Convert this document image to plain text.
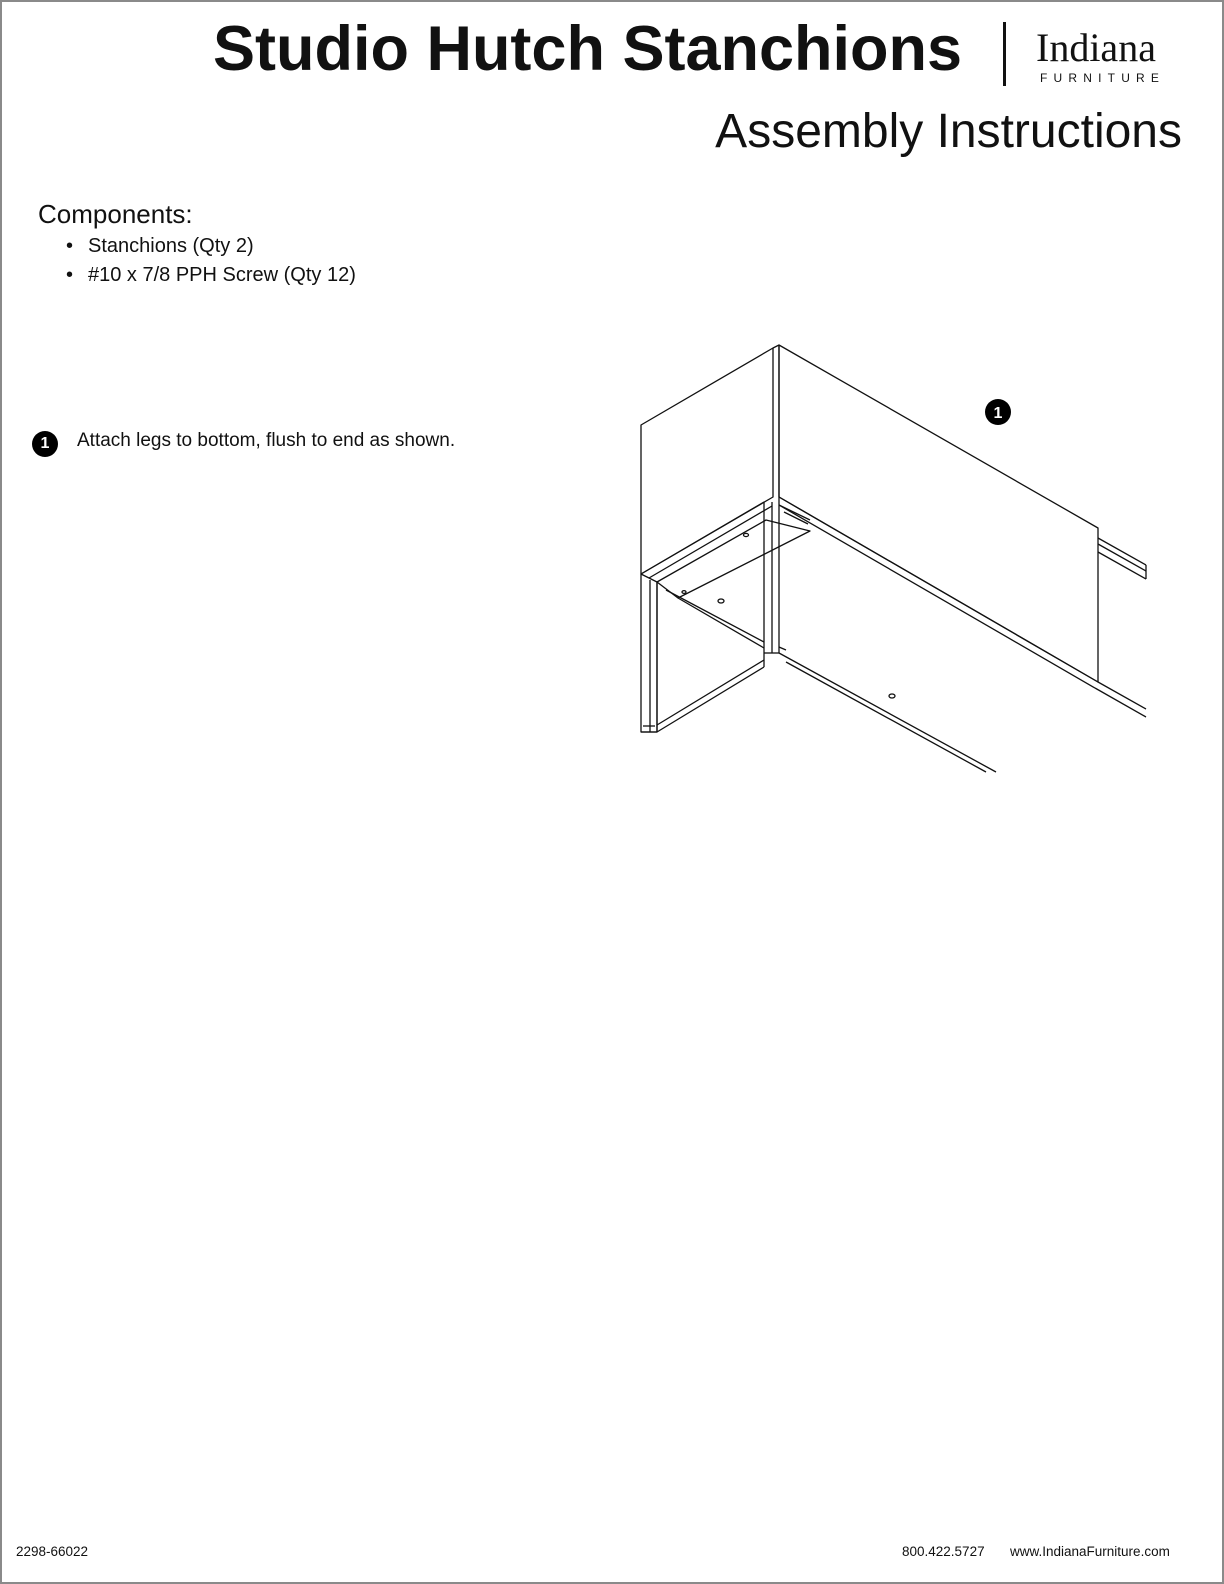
Studio Hutch Stanchions Indiana
FURNITURE
Assembly Instructions
Components:
• Stanchions (Qty 2)
• #10 x 7/8 PPH Screw (Qty 12)
1	Attach legs to bottom, flush to end as shown.
1
2298-66022	800.422.5727 www.IndianaFurniture.com
